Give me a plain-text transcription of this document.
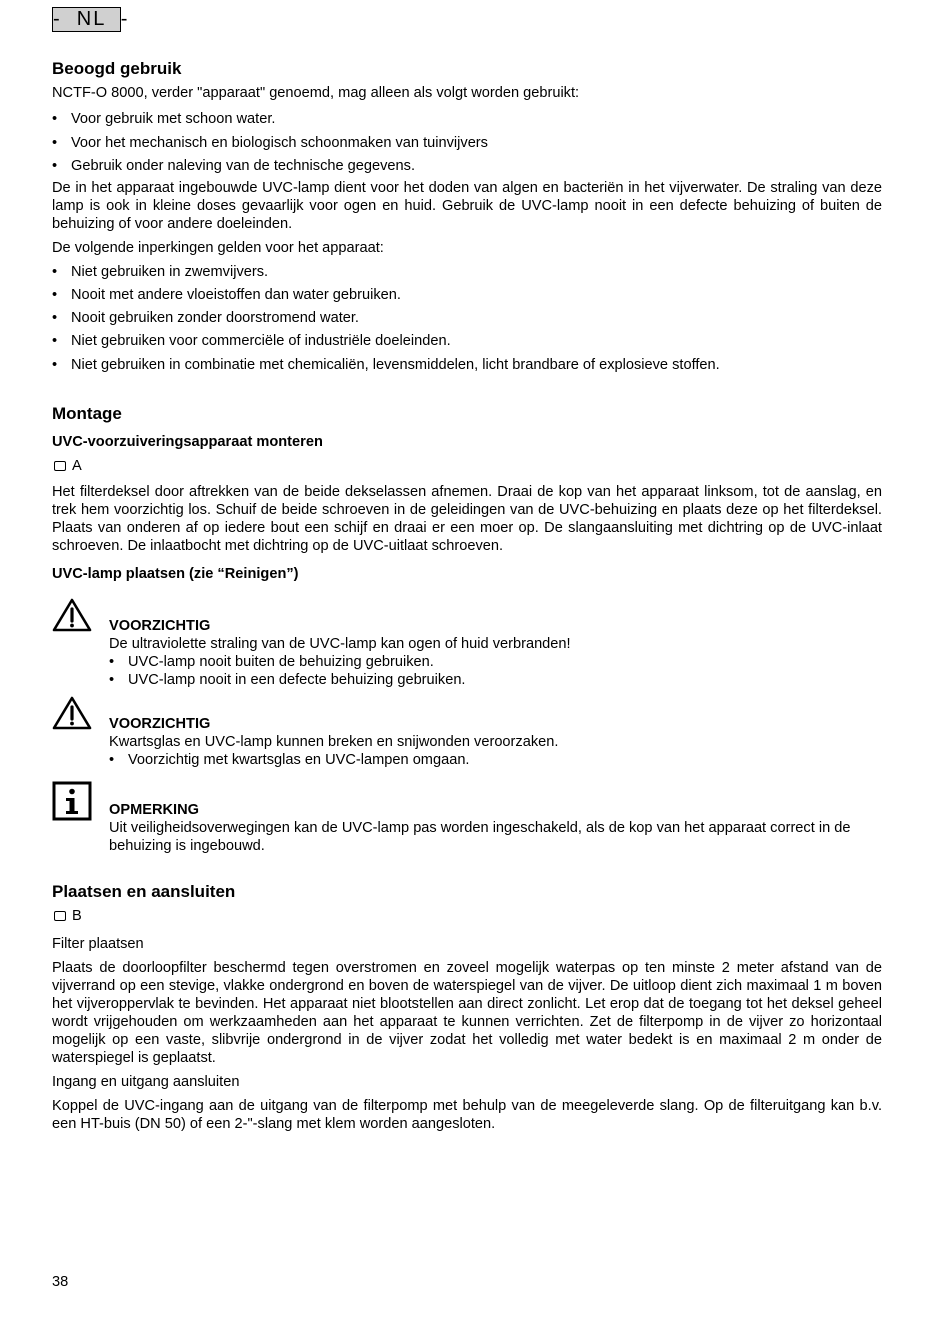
-  NL  -
Beoogd gebruik

NCTF-O 8000, verder "apparaat" genoemd, mag alleen als volgt worden gebruikt:

• Voor gebruik met schoon water.
• Voor het mechanisch en biologisch schoonmaken van tuinvijvers
• Gebruik onder naleving van de technische gegevens.

De in het apparaat ingebouwde UVC-lamp dient voor het doden van algen en bacteriën in het vijverwater. De straling van deze lamp is ook in kleine doses gevaarlijk voor ogen en huid. Gebruik de UVC-lamp nooit in een defecte behuizing of buiten de behuizing of voor andere doeleinden.

De volgende inperkingen gelden voor het apparaat:

• Niet gebruiken in zwemvijvers.
• Nooit met andere vloeistoffen dan water gebruiken.
• Nooit gebruiken zonder doorstromend water.
• Niet gebruiken voor commerciële of industriële doeleinden.
• Niet gebruiken in combinatie met chemicaliën, levensmiddelen, licht brandbare of explosieve stoffen.
Montage
UVC-voorzuiveringsapparaat monteren
A

Het filterdeksel door aftrekken van de beide dekselassen afnemen. Draai de kop van het apparaat linksom, tot de aanslag, en trek hem voorzichtig los. Schuif de beide schroeven in de geleidingen van de UVC-behuizing en plaats deze op het filterdeksel. Plaats van onderen af op iedere bout een schijf en draai er een moer op. De slangaansluiting met dichtring op de UVC-inlaat schroeven. De inlaatbocht met dichtring op de UVC-uitlaat schroeven.

UVC-lamp plaatsen (zie “Reinigen”)
VOORZICHTIG
De ultraviolette straling van de UVC-lamp kan ogen of huid verbranden!
• UVC-lamp nooit buiten de behuizing gebruiken.
• UVC-lamp nooit in een defecte behuizing gebruiken.
VOORZICHTIG
Kwartsglas en UVC-lamp kunnen breken en snijwonden veroorzaken.
• Voorzichtig met kwartsglas en UVC-lampen omgaan.
OPMERKING
Uit veiligheidsoverwegingen kan de UVC-lamp pas worden ingeschakeld, als de kop van het apparaat correct in de behuizing is ingebouwd.
Plaatsen en aansluiten
B
Filter plaatsen

Plaats de doorloopfilter beschermd tegen overstromen en zoveel mogelijk waterpas op ten minste 2 meter afstand van de vijverrand op een stevige, vlakke ondergrond en boven de waterspiegel van de vijver. De uitloop dient zich maximaal 1 m boven het vijveroppervlak te bevinden. Het apparaat niet blootstellen aan direct zonlicht. Let erop dat de toegang tot het deksel geheel wordt vrijgehouden om werkzaamheden aan het apparaat te kunnen verrichten. Zet de filterpomp in de vijver zo horizontaal mogelijk op een vaste, slibvrije ondergrond in de vijver zodat het volledig met water bedekt is en maximaal 2 m onder de waterspiegel is geplaatst.

Ingang en uitgang aansluiten

Koppel de UVC-ingang aan de uitgang van de filterpomp met behulp van de meegeleverde slang. Op de filteruitgang kan b.v. een HT-buis (DN 50) of een 2-"-slang met klem worden aangesloten.

38
